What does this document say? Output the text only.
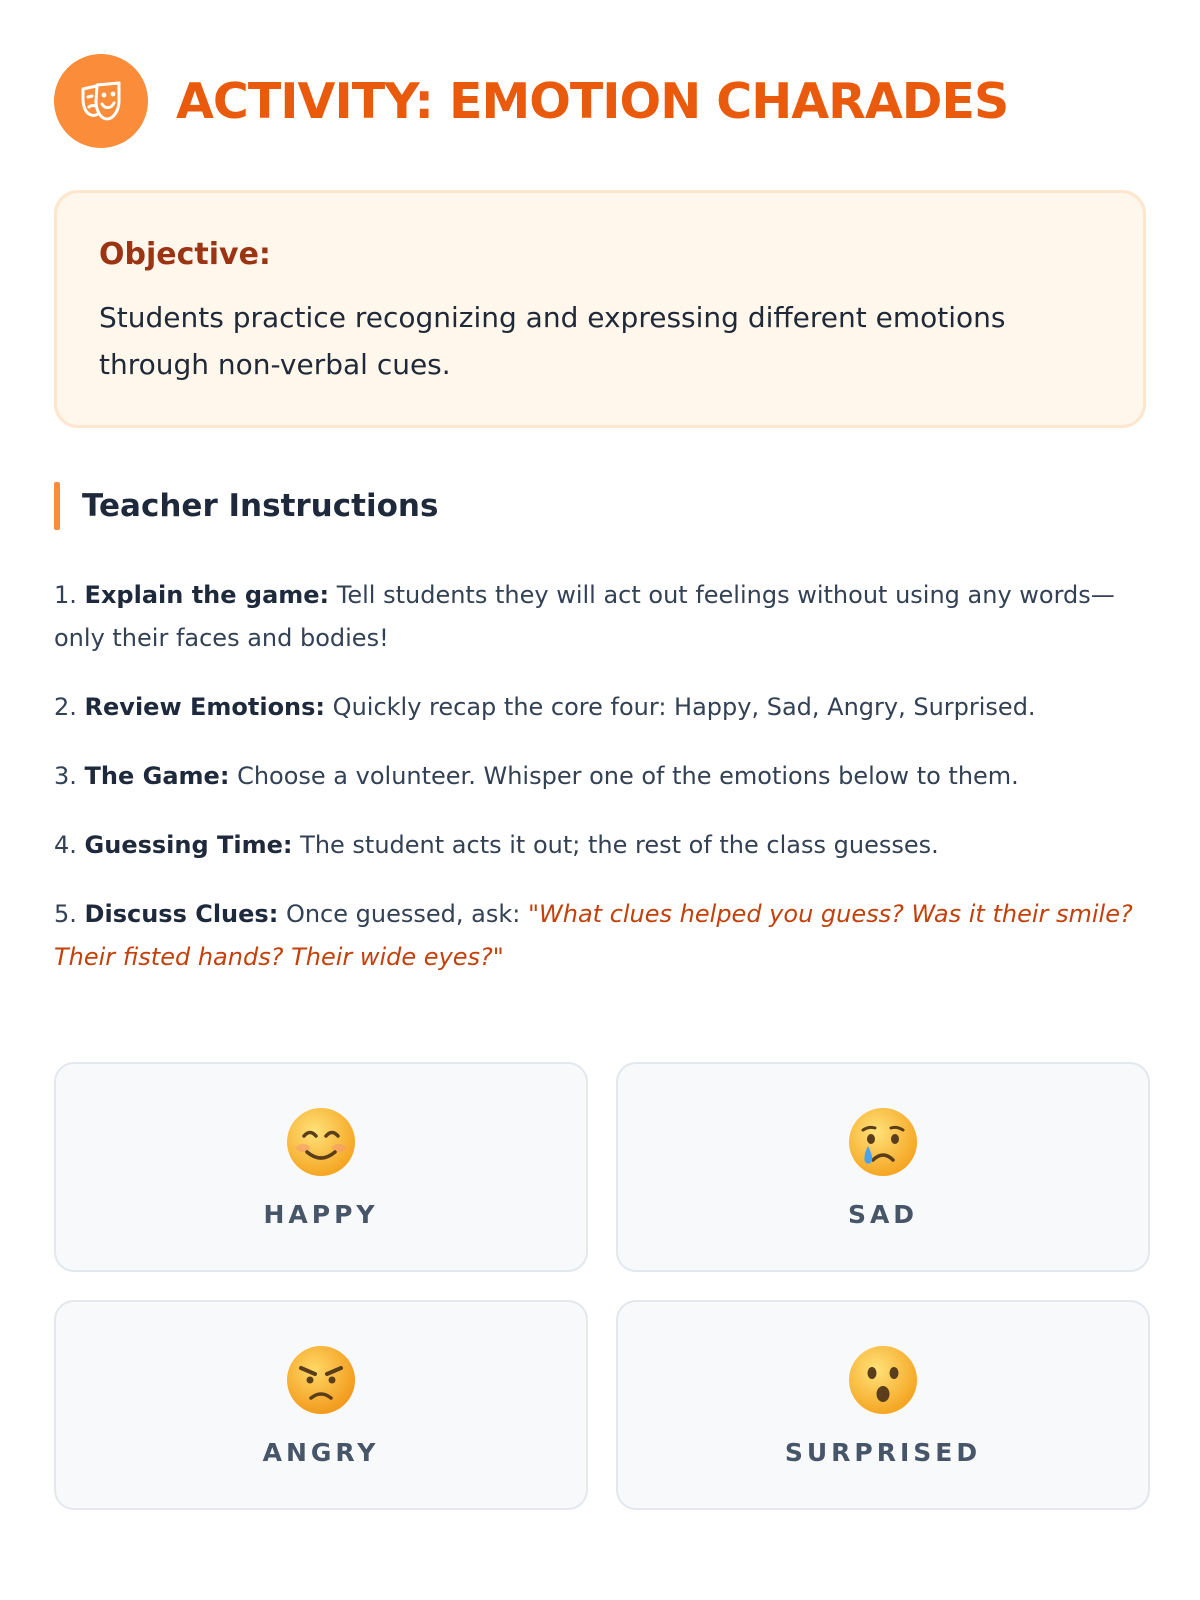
ACTIVITY: EMOTION CHARADES
Objective:

Students practice recognizing and expressing different emotions through non-verbal cues.

Teacher Instructions
1. Explain the game: Tell students they will act out feelings without using any words—only their faces and bodies!
2. Review Emotions: Quickly recap the core four: Happy, Sad, Angry, Surprised.
3. The Game: Choose a volunteer. Whisper one of the emotions below to them.
4. Guessing Time: The student acts it out; the rest of the class guesses.
5. Discuss Clues: Once guessed, ask: "What clues helped you guess? Was it their smile? Their fisted hands? Their wide eyes?"
HAPPY	SAD
ANGRY	SURPRISED
